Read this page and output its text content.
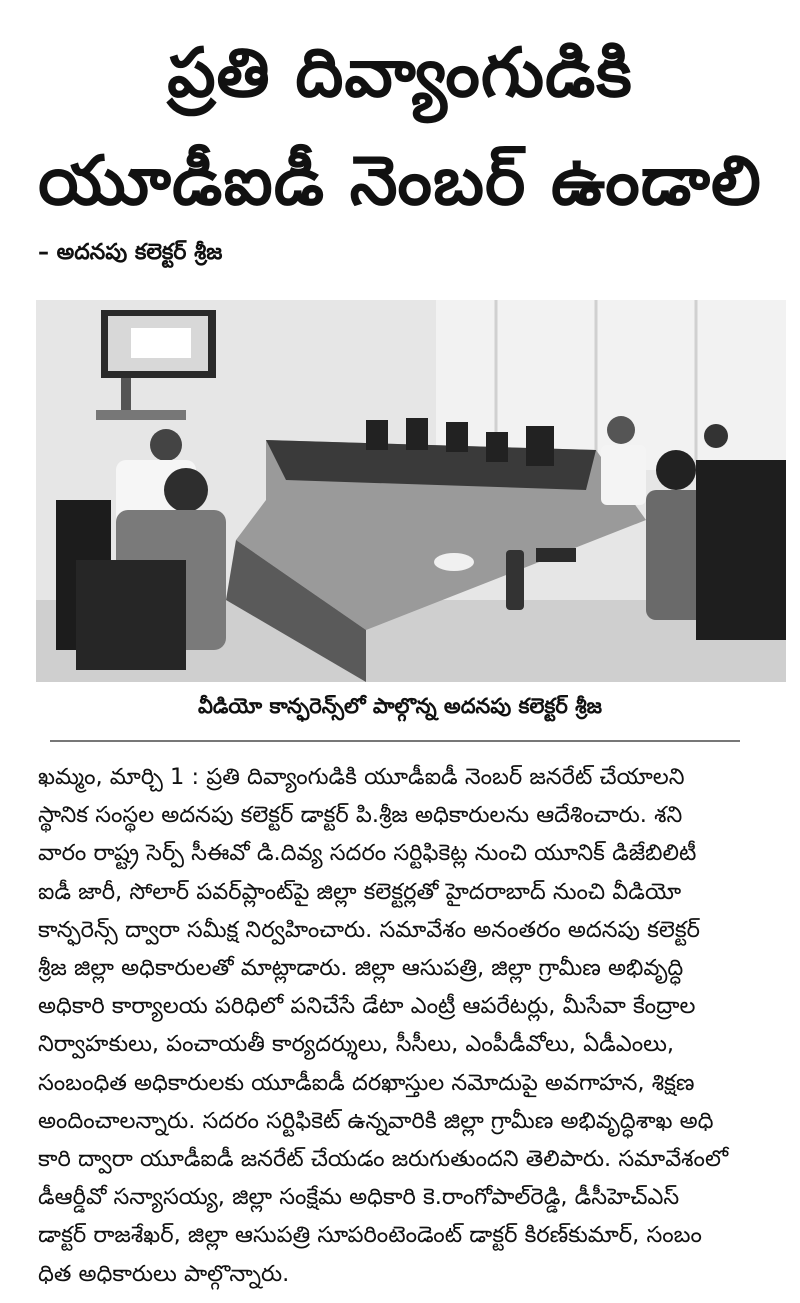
ప్రతి దివ్యాంగుడికి
యూడీఐడీ నెంబర్ ఉండాలి
– అదనపు కలెక్టర్ శ్రీజ
వీడియో కాన్ఫరెన్స్‌లో పాల్గొన్న అదనపు కలెక్టర్ శ్రీజ
ఖమ్మం, మార్చి 1 : ప్రతి దివ్యాంగుడికి యూడీఐడీ నెంబర్ జనరేట్ చేయాలని
స్థానిక సంస్థల అదనపు కలెక్టర్ డాక్టర్ పి.శ్రీజ అధికారులను ఆదేశించారు. శని
వారం రాష్ట్ర సెర్ప్ సీఈవో డి.దివ్య సదరం సర్టిఫికెట్ల నుంచి యూనిక్ డిజేబిలిటీ
ఐడీ జారీ, సోలార్ పవర్‌ప్లాంట్‌పై జిల్లా కలెక్టర్లతో హైదరాబాద్ నుంచి వీడియో
కాన్ఫరెన్స్ ద్వారా సమీక్ష నిర్వహించారు. సమావేశం అనంతరం అదనపు కలెక్టర్
శ్రీజ జిల్లా అధికారులతో మాట్లాడారు. జిల్లా ఆసుపత్రి, జిల్లా గ్రామీణ అభివృద్ధి
అధికారి కార్యాలయ పరిధిలో పనిచేసే డేటా ఎంట్రీ ఆపరేటర్లు, మీసేవా కేంద్రాల
నిర్వాహకులు, పంచాయతీ కార్యదర్శులు, సీసీలు, ఎంపీడీవోలు, ఏడీఎంలు,
సంబంధిత అధికారులకు యూడీఐడీ దరఖాస్తుల నమోదుపై అవగాహన, శిక్షణ
అందించాలన్నారు. సదరం సర్టిఫికెట్ ఉన్నవారికి జిల్లా గ్రామీణ అభివృద్ధిశాఖ అధి
కారి ద్వారా యూడీఐడీ జనరేట్ చేయడం జరుగుతుందని తెలిపారు. సమావేశంలో
డీఆర్డీవో సన్యాసయ్య, జిల్లా సంక్షేమ అధికారి కె.రాంగోపాల్‌రెడ్డి, డీసీహెచ్ఎస్
డాక్టర్ రాజశేఖర్, జిల్లా ఆసుపత్రి సూపరింటెండెంట్ డాక్టర్ కిరణ్‌కుమార్, సంబం
ధిత అధికారులు పాల్గొన్నారు.
